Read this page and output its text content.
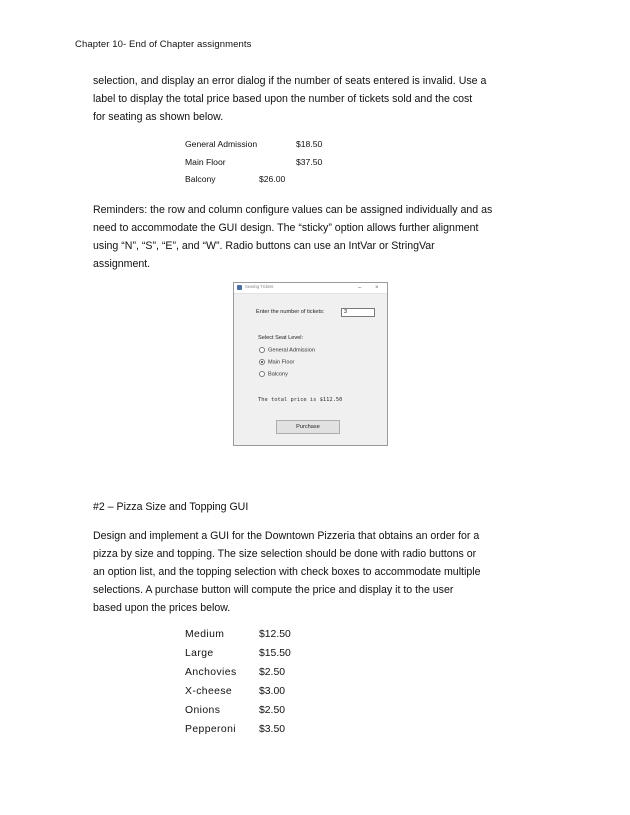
Chapter 10- End of Chapter assignments
selection, and display an error dialog if the number of seats entered is invalid. Use a
label to display the total price based upon the number of tickets sold and the cost
for seating as shown below.
General Admission	$18.50
Main Floor	$37.50
Balcony	$26.00
Reminders: the row and column configure values can be assigned individually and as
need to accommodate the GUI design. The “sticky” option allows further alignment
using “N”, “S”, “E”, and “W”. Radio buttons can use an IntVar or StringVar
assignment.
Seating Tickets	– ×
Enter the number of tickets:	3
Select Seat Level:
General Admission
Main Floor
Balcony
The total price is $112.50
Purchase
#2 – Pizza Size and Topping GUI
Design and implement a GUI for the Downtown Pizzeria that obtains an order for a
pizza by size and topping. The size selection should be done with radio buttons or
an option list, and the topping selection with check boxes to accommodate multiple
selections. A purchase button will compute the price and display it to the user
based upon the prices below.
Medium	$12.50
Large	$15.50
Anchovies $2.50
X-cheese	$3.00
Onions	$2.50
Pepperoni $3.50
